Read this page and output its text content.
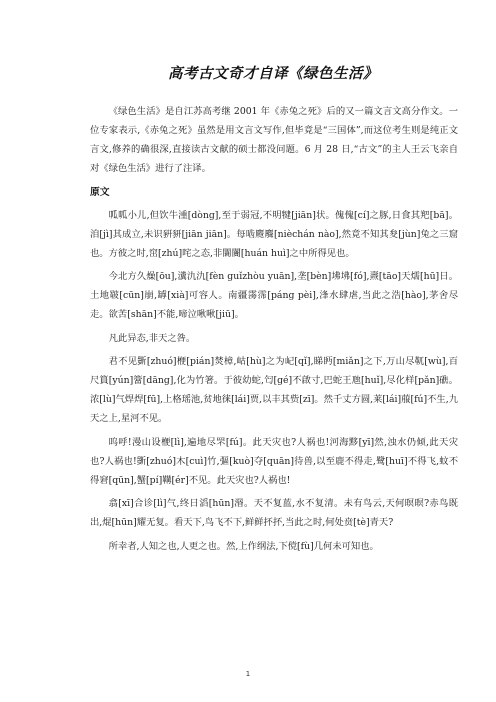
高考古文奇才自译《绿色生活》

《绿色生活》是自江苏高考继 2001 年《赤兔之死》后的又一篇文言文高分作文。一位专家表示,《赤兔之死》虽然是用文言文写作,但毕竟是“三国体”,而这位考生则是纯正文言文,修养的确很深,直接读古文献的硕士都没问题。6 月 28 日,“古文”的主人王云飞亲自对《绿色生活》进行了注译。

原文

呱呱小儿,但饮牛湩[dòng],至于弱冠,不明犍[jiān]状。傀傀[cí]之豚,日食其羓[bā]。洎[jì]其成立,未识豣豜[jiān jiān]。每啮麑麛[nièchán nào],然竟不知其夋[jùn]兔之三窟也。方彼之时,窋[zhú]咤之态,非闤闠[huán huì]之中所得见也。

今北方久燥[ōu],瀵氿氿[fèn guǐzhòu yuān],垄[bèn]坲坲[fó],燾[tāo]天燸[hū]日。土地皲[cūn]崩,罅[xià]可容人。南疆霶霈[páng pèi],浲水肆虐,当此之浩[hào],茅舍尽走。欲苦[shān]不能,啼泣啾啾[jiū]。

凡此异态,非天之咎。

君不见斵[zhuó]楩[pián]焚樟,岵[hù]之为屺[qǐ],睇眄[miǎn]之下,万山尽靰[wù],百尺篔[yún]簹[dāng],化为竹箸。于彼幼蛇,匄[gé]不啟寸,巴蛇王虺[huǐ],尽化样[pǎn]礁。浓[lù]气焊焊[fū],上格瑶池,贫地徕[lái]贾,以丰其赀[zī]。然千丈方圆,莱[lái]菔[fú]不生,九天之上,星河不见。

呜呼!漫山设楩[lì],遍地尽罘[fú]。此天灾也?人祸也!河海黟[yī]然,浊水仍倾,此天灾也?人祸也!斵[zhuó]木[cuì]竹,彄[kuò]夺[quān]待兽,以至鹿不得走,鹭[huī]不得飞,蚊不得窘[qūn],蟹[pí]鞲[ér]不见。此天灾也?人祸也!

翕[xī]合诊[lì]气,终日滔[hūn]湣。天不复蓝,水不复清。未有鸟云,天何暝暝?赤鸟既出,焜[hūn]耀无复。看天下,鸟飞不下,鲜鲜抔抔,当此之时,何处贲[tè]青天?

所幸者,人知之也,人更之也。然,上作纲法,下傥[fù]几何未可知也。

1
